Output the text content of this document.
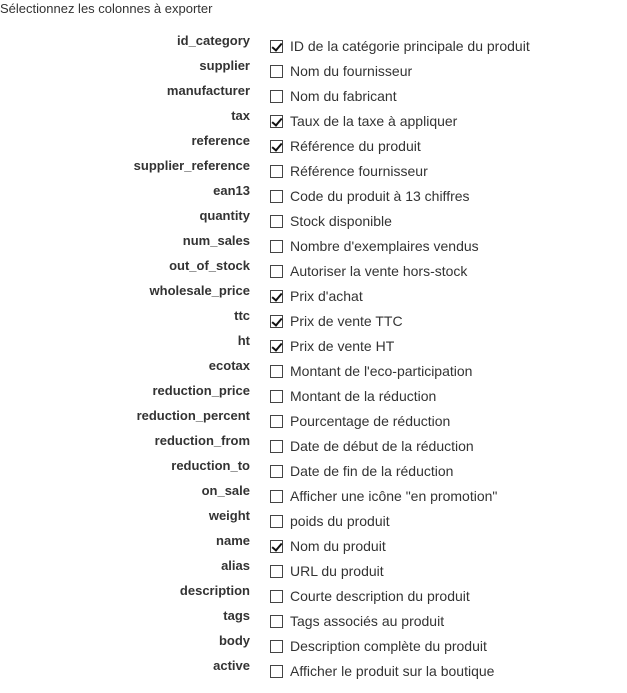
Sélectionnez les colonnes à exporter
id_category	ID de la catégorie principale du produit
supplier	Nom du fournisseur
manufacturer	Nom du fabricant
tax	Taux de la taxe à appliquer
reference	Référence du produit
supplier_reference	Référence fournisseur
ean13	Code du produit à 13 chiffres
quantity	Stock disponible
num_sales	Nombre d'exemplaires vendus
out_of_stock	Autoriser la vente hors-stock
wholesale_price	Prix d'achat
ttc	Prix de vente TTC
ht	Prix de vente HT
ecotax	Montant de l'eco-participation
reduction_price	Montant de la réduction
reduction_percent	Pourcentage de réduction
reduction_from	Date de début de la réduction
reduction_to	Date de fin de la réduction
on_sale	Afficher une icône "en promotion"
weight	poids du produit
name	Nom du produit
alias	URL du produit
description	Courte description du produit
tags	Tags associés au produit
body	Description complète du produit
active	Afficher le produit sur la boutique
